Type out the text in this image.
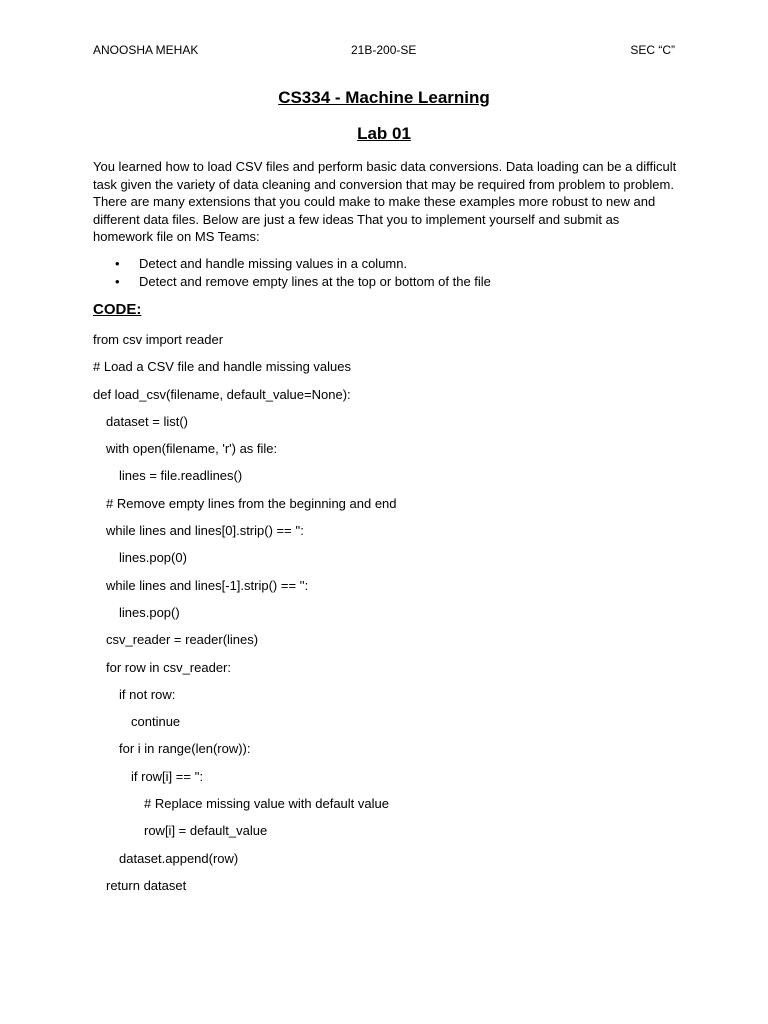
ANOOSHA MEHAK	21B-200-SE	SEC “C”
CS334 - Machine Learning
Lab 01

You learned how to load CSV files and perform basic data conversions. Data loading can be a difficult task given the variety of data cleaning and conversion that may be required from problem to problem. There are many extensions that you could make to make these examples more robust to new and different data files. Below are just a few ideas That you to implement yourself and submit as homework file on MS Teams:

• Detect and handle missing values in a column.
• Detect and remove empty lines at the top or bottom of the file
CODE:
from csv import reader
# Load a CSV file and handle missing values
def load_csv(filename, default_value=None):
dataset = list()
with open(filename, 'r') as file:
lines = file.readlines()
# Remove empty lines from the beginning and end
while lines and lines[0].strip() == '':
lines.pop(0)
while lines and lines[-1].strip() == '':
lines.pop()
csv_reader = reader(lines)
for row in csv_reader:
if not row:
continue
for i in range(len(row)):
if row[i] == '':
# Replace missing value with default value
row[i] = default_value
dataset.append(row)
return dataset
